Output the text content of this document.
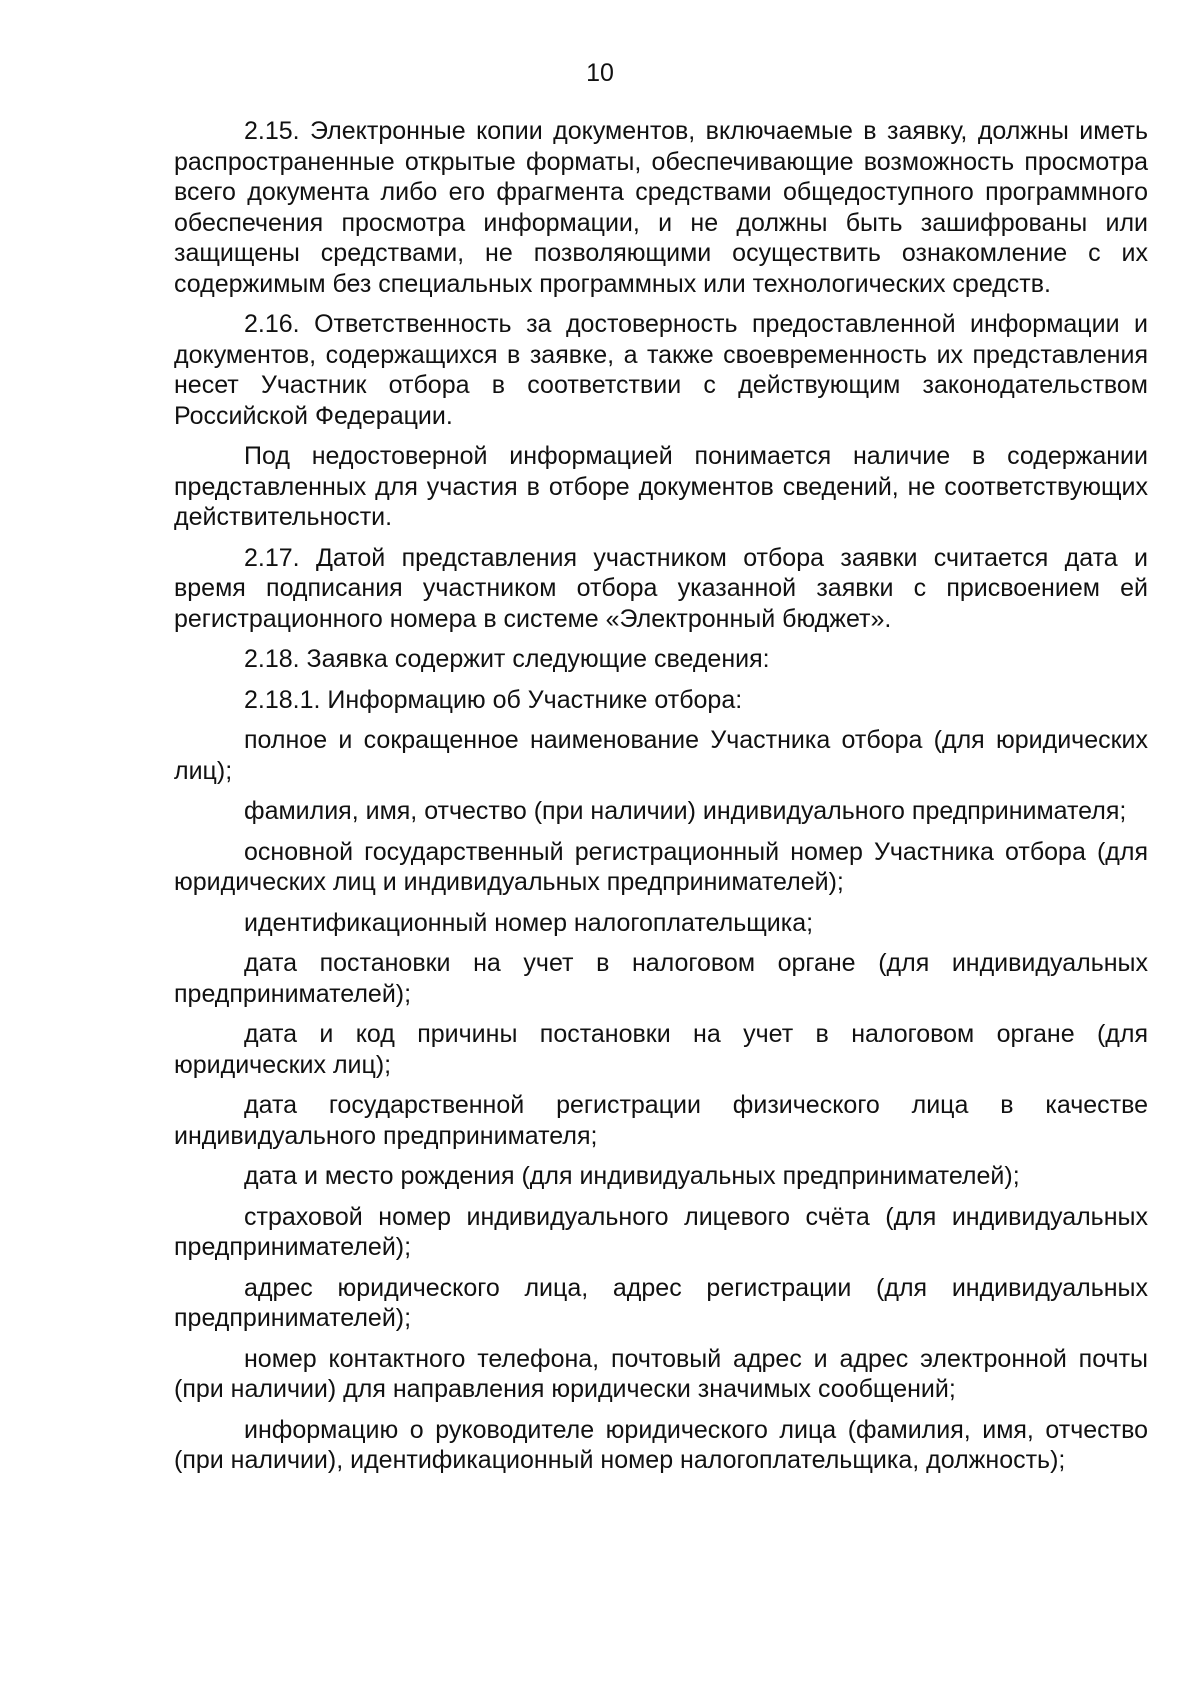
10

2.15. Электронные копии документов, включаемые в заявку, должны иметь распространенные открытые форматы, обеспечивающие возможность просмотра всего документа либо его фрагмента средствами общедоступного программного обеспечения просмотра информации, и не должны быть зашифрованы или защищены средствами, не позволяющими осуществить ознакомление с их содержимым без специальных программных или технологических средств.

2.16. Ответственность за достоверность предоставленной информации и документов, содержащихся в заявке, а также своевременность их представления несет Участник отбора в соответствии с действующим законодательством Российской Федерации.

Под недостоверной информацией понимается наличие в содержании представленных для участия в отборе документов сведений, не соответствующих действительности.

2.17. Датой представления участником отбора заявки считается дата и время подписания участником отбора указанной заявки с присвоением ей регистрационного номера в системе «Электронный бюджет».

2.18. Заявка содержит следующие сведения:

2.18.1. Информацию об Участнике отбора:

полное и сокращенное наименование Участника отбора (для юридических лиц);

фамилия, имя, отчество (при наличии) индивидуального предпринимателя;

основной государственный регистрационный номер Участника отбора (для юридических лиц и индивидуальных предпринимателей);

идентификационный номер налогоплательщика;

дата постановки на учет в налоговом органе (для индивидуальных предпринимателей);

дата и код причины постановки на учет в налоговом органе (для юридических лиц);

дата государственной регистрации физического лица в качестве индивидуального предпринимателя;

дата и место рождения (для индивидуальных предпринимателей);

страховой номер индивидуального лицевого счёта (для индивидуальных предпринимателей);

адрес юридического лица, адрес регистрации (для индивидуальных предпринимателей);

номер контактного телефона, почтовый адрес и адрес электронной почты (при наличии) для направления юридически значимых сообщений;

информацию о руководителе юридического лица (фамилия, имя, отчество (при наличии), идентификационный номер налогоплательщика, должность);
